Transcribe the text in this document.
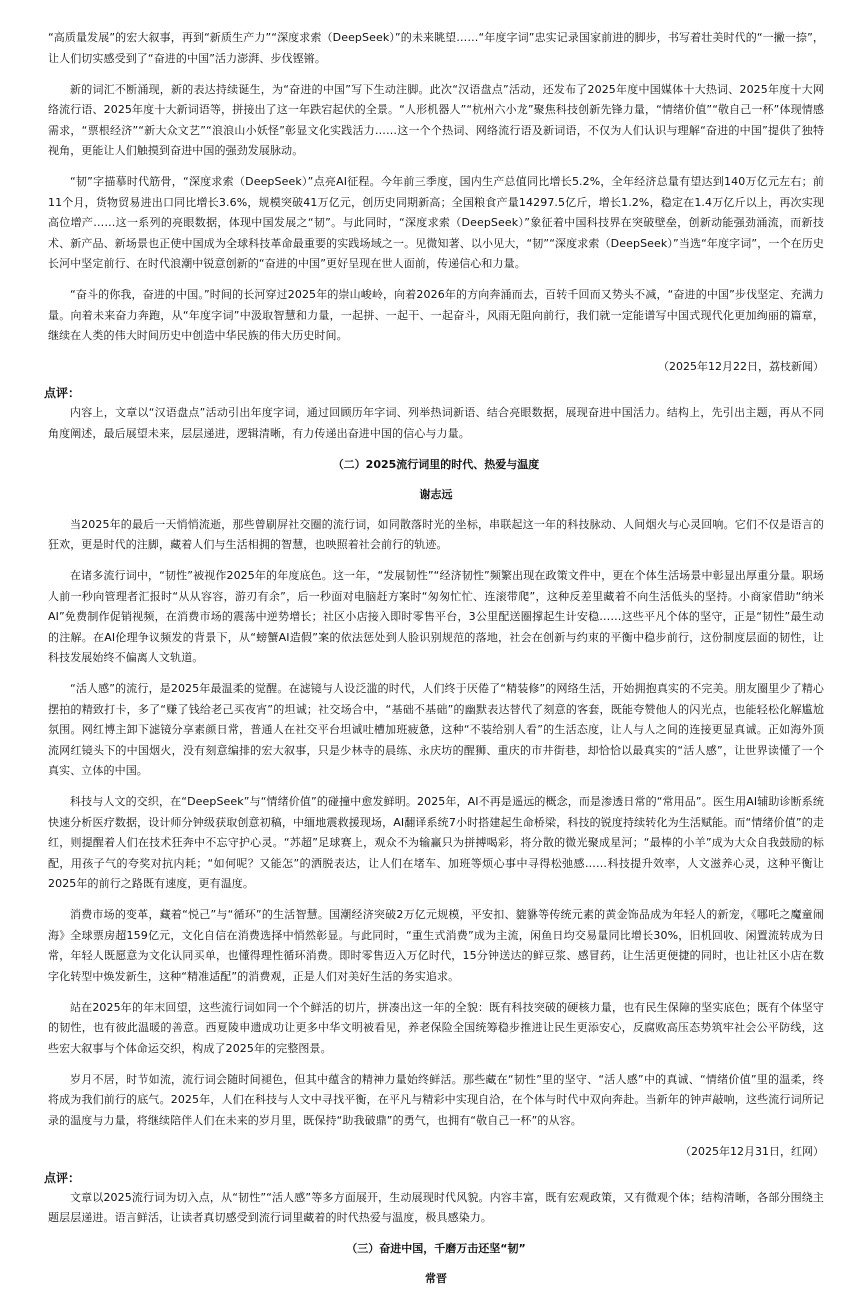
“高质量发展”的宏大叙事，再到“新质生产力”“深度求索（DeepSeek）”的未来眺望……“年度字词”忠实记录国家前进的脚步，书写着壮美时代的“一撇一捺”，让人们切实感受到了“奋进的中国”活力澎湃、步伐铿锵。

新的词汇不断涌现，新的表达持续诞生，为“奋进的中国”写下生动注脚。此次“汉语盘点”活动，还发布了2025年度中国媒体十大热词、2025年度十大网络流行语、2025年度十大新词语等，拼接出了这一年跌宕起伏的全景。“人形机器人”“杭州六小龙”聚焦科技创新先锋力量，“情绪价值”“敬自己一杯”体现情感需求，“票根经济”“新大众文艺”“浪浪山小妖怪”彰显文化实践活力……这一个个热词、网络流行语及新词语，不仅为人们认识与理解“奋进的中国”提供了独特视角，更能让人们触摸到奋进中国的强劲发展脉动。

“韧”字描摹时代筋骨，“深度求索（DeepSeek）”点亮AI征程。今年前三季度，国内生产总值同比增长5.2%，全年经济总量有望达到140万亿元左右；前11个月，货物贸易进出口同比增长3.6%，规模突破41万亿元，创历史同期新高；全国粮食产量14297.5亿斤，增长1.2%，稳定在1.4万亿斤以上，再次实现高位增产……这一系列的亮眼数据，体现中国发展之“韧”。与此同时，“深度求索（DeepSeek）”象征着中国科技界在突破壁垒，创新动能强劲涌流，而新技术、新产品、新场景也正使中国成为全球科技革命最重要的实践场域之一。见微知著、以小见大，“韧”“深度求索（DeepSeek）”当选“年度字词”，一个在历史长河中坚定前行、在时代浪潮中锐意创新的“奋进的中国”更好呈现在世人面前，传递信心和力量。

“奋斗的你我，奋进的中国。”时间的长河穿过2025年的崇山峻岭，向着2026年的方向奔涌而去，百转千回而又势头不减，“奋进的中国”步伐坚定、充满力量。向着未来奋力奔跑，从“年度字词”中汲取智慧和力量，一起拼、一起干、一起奋斗，风雨无阻向前行，我们就一定能谱写中国式现代化更加绚丽的篇章，继续在人类的伟大时间历史中创造中华民族的伟大历史时间。

（2025年12月22日，荔枝新闻）

点评：

内容上，文章以“汉语盘点”活动引出年度字词，通过回顾历年字词、列举热词新语、结合亮眼数据，展现奋进中国活力。结构上，先引出主题，再从不同角度阐述，最后展望未来，层层递进，逻辑清晰，有力传递出奋进中国的信心与力量。

（二）2025流行词里的时代、热爱与温度

谢志远

当2025年的最后一天悄悄流逝，那些曾刷屏社交圈的流行词，如同散落时光的坐标，串联起这一年的科技脉动、人间烟火与心灵回响。它们不仅是语言的狂欢，更是时代的注脚，藏着人们与生活相拥的智慧，也映照着社会前行的轨迹。

在诸多流行词中，“韧性”被视作2025年的年度底色。这一年，“发展韧性”“经济韧性”频繁出现在政策文件中，更在个体生活场景中彰显出厚重分量。职场人前一秒向管理者汇报时“从从容容，游刃有余”，后一秒面对电脑赶方案时“匆匆忙忙、连滚带爬”，这种反差里藏着不向生活低头的坚持。小商家借助“纳米AI”免费制作促销视频，在消费市场的震荡中逆势增长；社区小店接入即时零售平台，3公里配送圈撑起生计安稳……这些平凡个体的坚守，正是“韧性”最生动的注解。在AI伦理争议频发的背景下，从“螃蟹AI造假”案的依法惩处到人脸识别规范的落地，社会在创新与约束的平衡中稳步前行，这份制度层面的韧性，让科技发展始终不偏离人文轨道。

“活人感”的流行，是2025年最温柔的觉醒。在滤镜与人设泛滥的时代，人们终于厌倦了“精装修”的网络生活，开始拥抱真实的不完美。朋友圈里少了精心摆拍的精致打卡，多了“赚了钱给老己买夜宵”的坦诚；社交场合中，“基础不基础”的幽默表达替代了刻意的客套，既能夸赞他人的闪光点，也能轻松化解尴尬氛围。网红博主卸下滤镜分享素颜日常，普通人在社交平台坦诚吐槽加班疲惫，这种“不装给别人看”的生活态度，让人与人之间的连接更显真诚。正如海外顶流网红镜头下的中国烟火，没有刻意编排的宏大叙事，只是少林寺的晨练、永庆坊的醒狮、重庆的市井街巷，却恰恰以最真实的“活人感”，让世界读懂了一个真实、立体的中国。

科技与人文的交织，在“DeepSeek”与“情绪价值”的碰撞中愈发鲜明。2025年，AI不再是遥远的概念，而是渗透日常的“常用品”。医生用AI辅助诊断系统快速分析医疗数据，设计师分钟级获取创意初稿，中缅地震救援现场，AI翻译系统7小时搭建起生命桥梁，科技的锐度持续转化为生活赋能。而“情绪价值”的走红，则提醒着人们在技术狂奔中不忘守护心灵。“苏超”足球赛上，观众不为输赢只为拼搏喝彩，将分散的微光聚成星河；“最棒的小羊”成为大众自我鼓励的标配，用孩子气的夸奖对抗内耗；“如何呢？又能怎”的洒脱表达，让人们在堵车、加班等烦心事中寻得松弛感……科技提升效率，人文滋养心灵，这种平衡让2025年的前行之路既有速度，更有温度。

消费市场的变革，藏着“悦己”与“循环”的生活智慧。国潮经济突破2万亿元规模，平安扣、貔貅等传统元素的黄金饰品成为年轻人的新宠，《哪吒之魔童闹海》全球票房超159亿元，文化自信在消费选择中悄然彰显。与此同时，“重生式消费”成为主流，闲鱼日均交易量同比增长30%，旧机回收、闲置流转成为日常，年轻人既愿意为文化认同买单，也懂得理性循环消费。即时零售迈入万亿时代，15分钟送达的鲜豆浆、感冒药，让生活更便捷的同时，也让社区小店在数字化转型中焕发新生，这种“精准适配”的消费观，正是人们对美好生活的务实追求。

站在2025年的年末回望，这些流行词如同一个个鲜活的切片，拼凑出这一年的全貌：既有科技突破的硬核力量，也有民生保障的坚实底色；既有个体坚守的韧性，也有彼此温暖的善意。西夏陵申遗成功让更多中华文明被看见，养老保险全国统筹稳步推进让民生更添安心，反腐败高压态势筑牢社会公平防线，这些宏大叙事与个体命运交织，构成了2025年的完整图景。

岁月不居，时节如流，流行词会随时间褪色，但其中蕴含的精神力量始终鲜活。那些藏在“韧性”里的坚守、“活人感”中的真诚、“情绪价值”里的温柔，终将成为我们前行的底气。2025年，人们在科技与人文中寻找平衡，在平凡与精彩中实现自洽，在个体与时代中双向奔赴。当新年的钟声敲响，这些流行词所记录的温度与力量，将继续陪伴人们在未来的岁月里，既保持“助我破鼎”的勇气，也拥有“敬自己一杯”的从容。

（2025年12月31日，红网）

点评：

文章以2025流行词为切入点，从“韧性”“活人感”等多方面展开，生动展现时代风貌。内容丰富，既有宏观政策，又有微观个体；结构清晰，各部分围绕主题层层递进。语言鲜活，让读者真切感受到流行词里藏着的时代热爱与温度，极具感染力。

（三）奋进中国，千磨万击还坚“韧”

常晋
